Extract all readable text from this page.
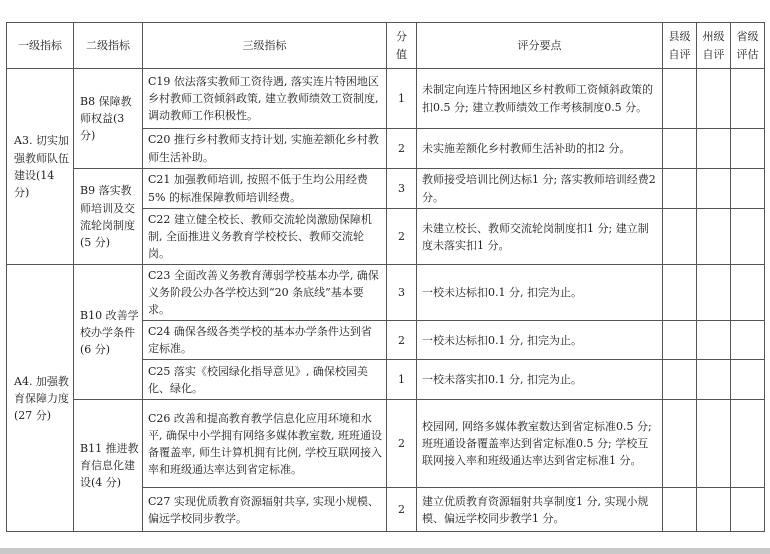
一级指标	二级指标	三级指标	分值	评分要点	县级自评	州级自评	省级评估
A3. 切实加强教师队伍建设(14 分)	B8 保障教师权益(3 分)	C19 依法落实教师工资待遇, 落实连片特困地区乡村教师工资倾斜政策, 建立教师绩效工资制度, 调动教师工作积极性。	1	未制定向连片特困地区乡村教师工资倾斜政策的扣0.5 分; 建立教师绩效工作考核制度0.5 分。			
		C20 推行乡村教师支持计划, 实施差额化乡村教师生活补助。	2	未实施差额化乡村教师生活补助的扣2 分。			
	B9 落实教师培训及交流轮岗制度(5 分)	C21 加强教师培训, 按照不低于生均公用经费5% 的标准保障教师培训经费。	3	教师接受培训比例达标1 分; 落实教师培训经费2 分。			
		C22 建立健全校长、教师交流轮岗激励保障机制, 全面推进义务教育学校校长、教师交流轮岗。	2	未建立校长、教师交流轮岗制度扣1 分; 建立制度未落实扣1 分。			
A4. 加强教育保障力度(27 分)	B10 改善学校办学条件(6 分)	C23 全面改善义务教育薄弱学校基本办学, 确保义务阶段公办各学校达到“20 条底线”基本要求。	3	一校未达标扣0.1 分, 扣完为止。			
		C24 确保各级各类学校的基本办学条件达到省定标准。	2	一校未达标扣0.1 分, 扣完为止。			
		C25 落实《校园绿化指导意见》, 确保校园美化、绿化。	1	一校未落实扣0.1 分, 扣完为止。			
	B11 推进教育信息化建设(4 分)	C26 改善和提高教育教学信息化应用环境和水平, 确保中小学拥有网络多媒体教室数, 班班通设备覆盖率, 师生计算机拥有比例, 学校互联网接入率和班级通达率达到省定标准。	2	校园网, 网络多媒体教室数达到省定标准0.5 分; 班班通设备覆盖率达到省定标准0.5 分; 学校互联网接入率和班级通达率达到省定标准1 分。			
		C27 实现优质教育资源辐射共享, 实现小规模、偏远学校同步教学。	2	建立优质教育资源辐射共享制度1 分, 实现小规模、偏远学校同步教学1 分。			
